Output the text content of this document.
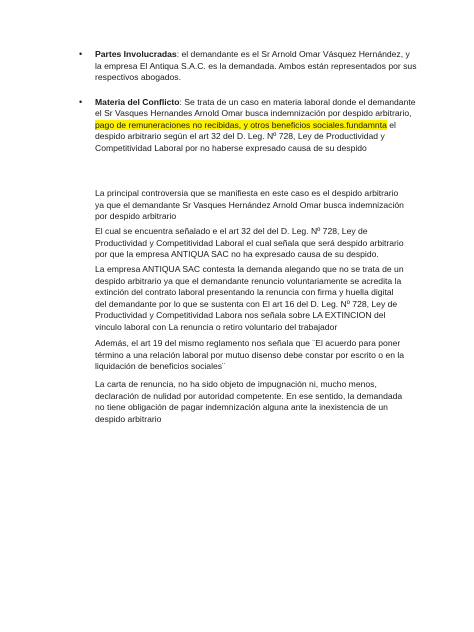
• Partes Involucradas: el demandante es el Sr Arnold Omar Vásquez Hernández, y la empresa El Antiqua S.A.C. es la demandada. Ambos están representados por sus respectivos abogados.
• Materia del Conflicto: Se trata de un caso en materia laboral donde el demandante el Sr Vasques Hernandes Arnold Omar busca indemnización por despido arbitrario, pago de remuneraciones no recibidas, y otros beneficios sociales.fundamnta el despido arbitrario según el art 32 del D. Leg. Nº 728, Ley de Productividad y Competitividad Laboral por no haberse expresado causa de su despido

La principal controversia que se manifiesta en este caso es el despido arbitrario ya que el demandante Sr Vasques Hernández Arnold Omar busca indemnización por despido arbitrario

El cual se encuentra señalado e el art 32 del del D. Leg. Nº 728, Ley de Productividad y Competitividad Laboral el cual señala que será despido arbitrario por que la empresa ANTIQUA SAC no ha expresado causa de su despido.

La empresa ANTIQUA SAC contesta la demanda alegando que no se trata de un despido arbitrario ya que el demandante renuncio voluntariamente se acredita la extinción del contrato laboral presentando la renuncia con firma y huella digital del demandante por lo que se sustenta con El art 16 del D. Leg. Nº 728, Ley de Productividad y Competitividad Labora nos señala sobre LA EXTINCION del vinculo laboral con La renuncia o retiro voluntario del trabajador

Además, el art 19 del mismo reglamento nos señala que ¨El acuerdo para poner término a una relación laboral por mutuo disenso debe constar por escrito o en la liquidación de beneficios sociales¨

La carta de renuncia, no ha sido objeto de impugnación ni, mucho menos, declaración de nulidad por autoridad competente. En ese sentido, la demandada no tiene obligación de pagar indemnización alguna ante la inexistencia de un despido arbitrario
